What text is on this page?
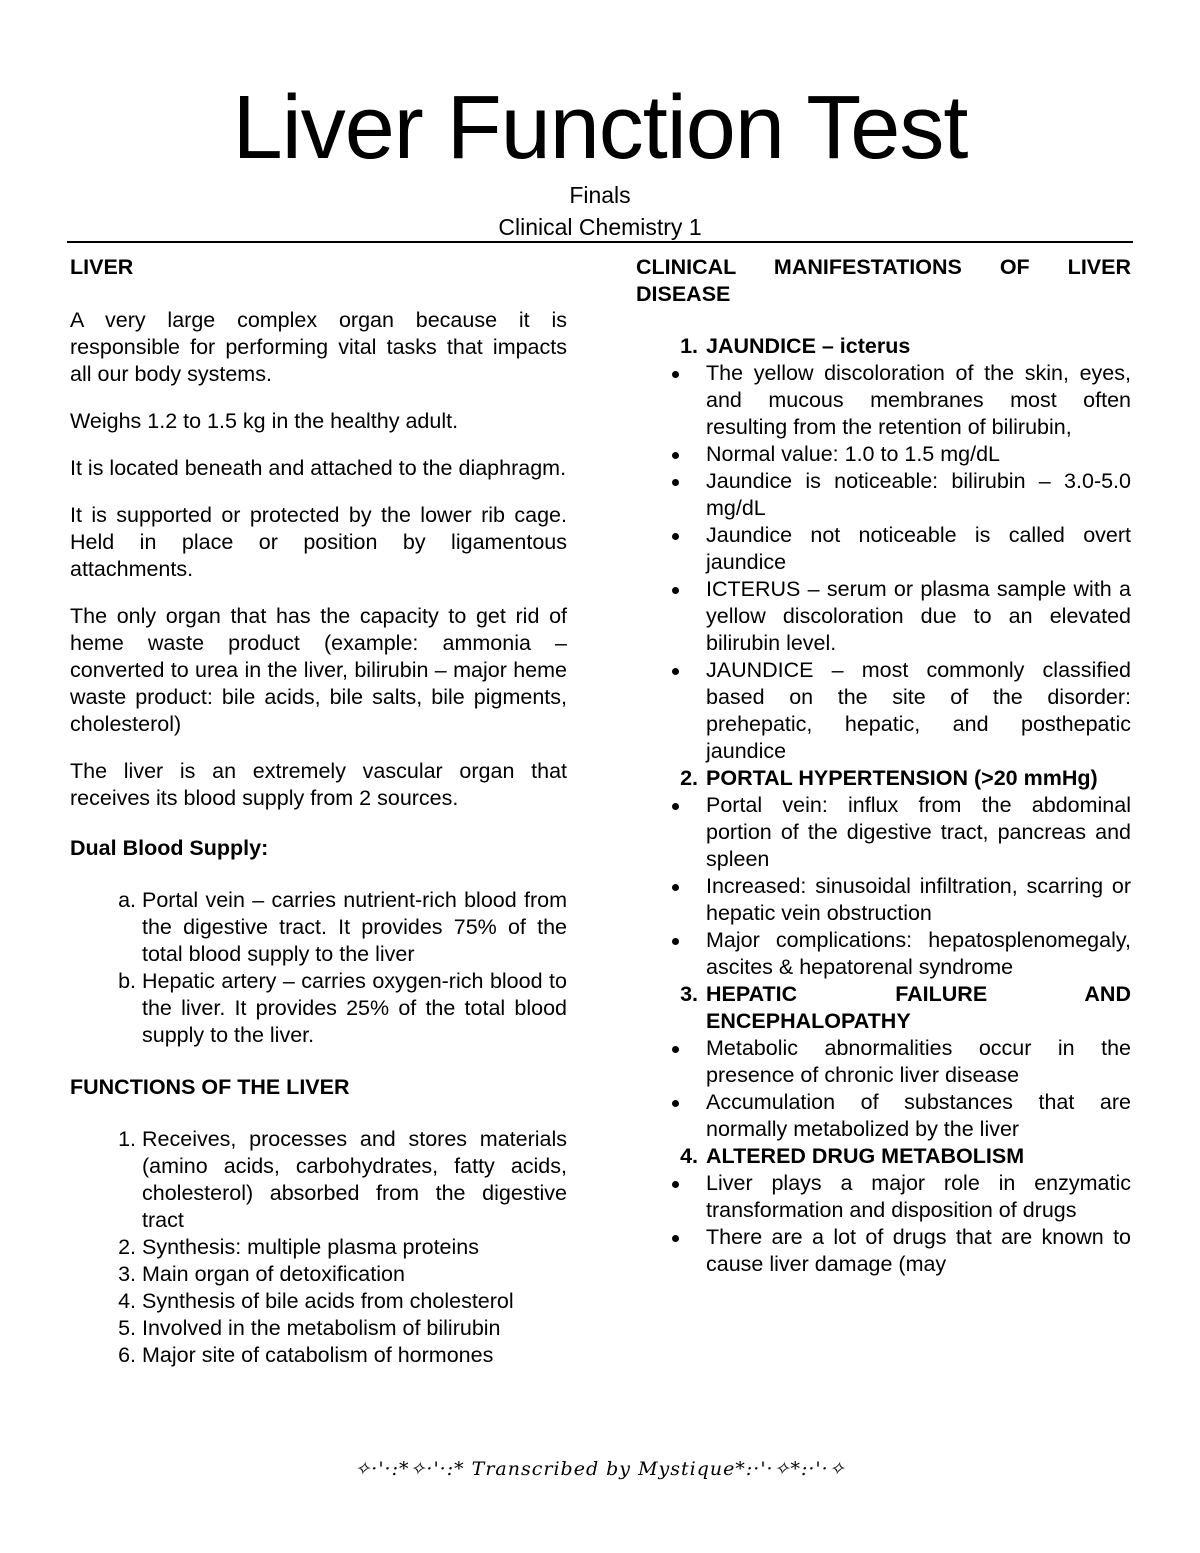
Liver Function Test
Finals
Clinical Chemistry 1

LIVER

A very large complex organ because it is responsible for performing vital tasks that impacts all our body systems.

Weighs 1.2 to 1.5 kg in the healthy adult.

It is located beneath and attached to the diaphragm.

It is supported or protected by the lower rib cage. Held in place or position by ligamentous attachments.

The only organ that has the capacity to get rid of heme waste product (example: ammonia – converted to urea in the liver, bilirubin – major heme waste product: bile acids, bile salts, bile pigments, cholesterol)

The liver is an extremely vascular organ that receives its blood supply from 2 sources.

Dual Blood Supply:

a. Portal vein – carries nutrient-rich blood from the digestive tract. It provides 75% of the total blood supply to the liver
b. Hepatic artery – carries oxygen-rich blood to the liver. It provides 25% of the total blood supply to the liver.

FUNCTIONS OF THE LIVER

1. Receives, processes and stores materials (amino acids, carbohydrates, fatty acids, cholesterol) absorbed from the digestive tract
2. Synthesis: multiple plasma proteins
3. Main organ of detoxification
4. Synthesis of bile acids from cholesterol
5. Involved in the metabolism of bilirubin
6. Major site of catabolism of hormones

CLINICAL MANIFESTATIONS OF LIVER DISEASE

1. JAUNDICE – icterus
The yellow discoloration of the skin, eyes, and mucous membranes most often resulting from the retention of bilirubin,
Normal value: 1.0 to 1.5 mg/dL
Jaundice is noticeable: bilirubin – 3.0-5.0 mg/dL
Jaundice not noticeable is called overt jaundice
ICTERUS – serum or plasma sample with a yellow discoloration due to an elevated bilirubin level.
JAUNDICE – most commonly classified based on the site of the disorder: prehepatic, hepatic, and posthepatic jaundice
2. PORTAL HYPERTENSION (>20 mmHg)
Portal vein: influx from the abdominal portion of the digestive tract, pancreas and spleen
Increased: sinusoidal infiltration, scarring or hepatic vein obstruction
Major complications: hepatosplenomegaly, ascites & hepatorenal syndrome
3. HEPATIC FAILURE AND ENCEPHALOPATHY
Metabolic abnormalities occur in the presence of chronic liver disease
Accumulation of substances that are normally metabolized by the liver
4. ALTERED DRUG METABOLISM
Liver plays a major role in enzymatic transformation and disposition of drugs
There are a lot of drugs that are known to cause liver damage (may
✧·'·:*✧·'·:* Transcribed by Mystique*:·'·✧*:·'·✧
